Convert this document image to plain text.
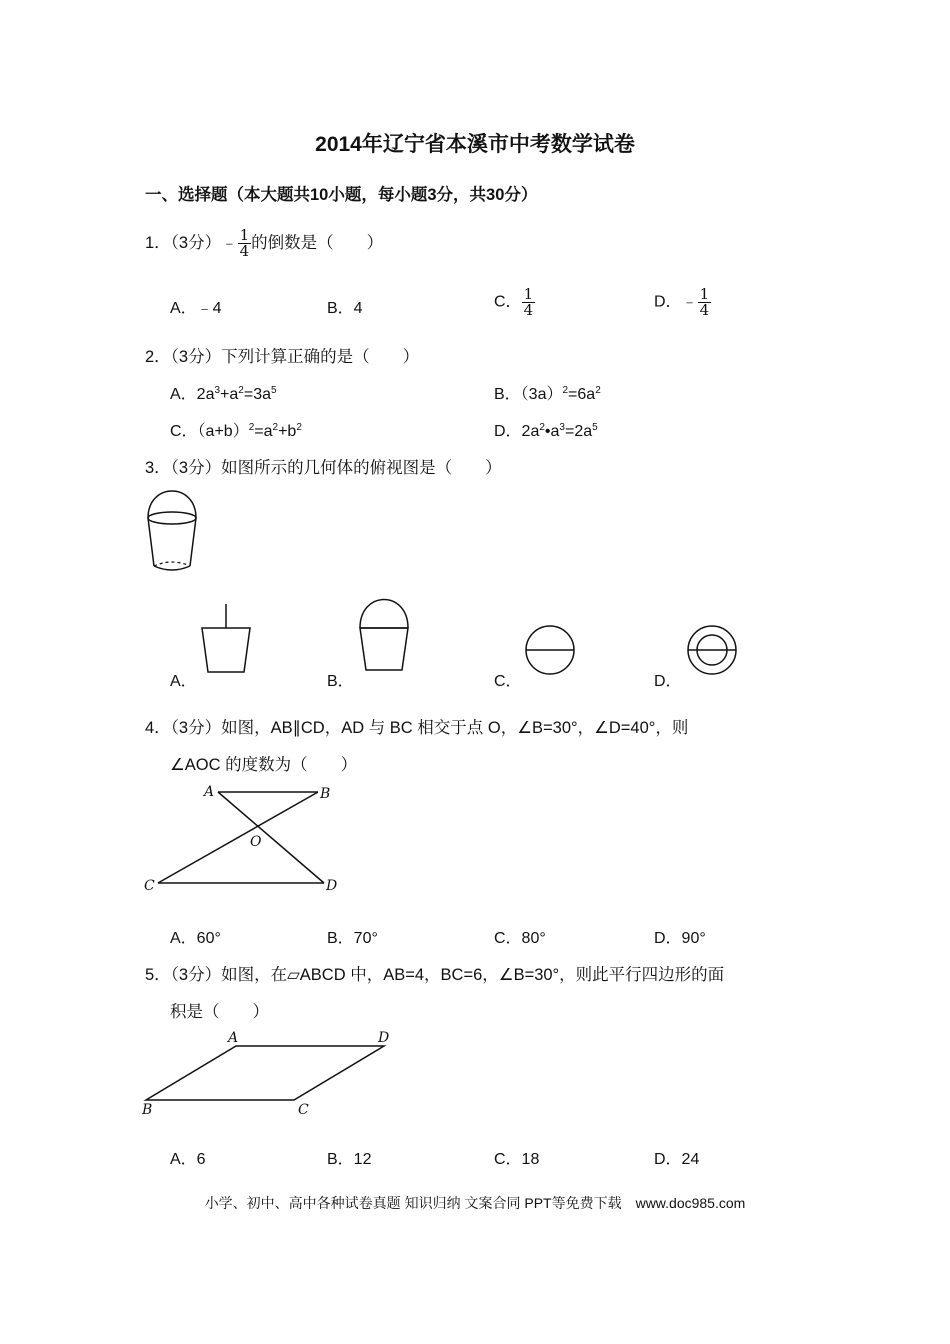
2014年辽宁省本溪市中考数学试卷
一、选择题（本大题共10小题，每小题3分，共30分）
1．（3分）﹣ $\frac{1}{4}$ 的倒数是（　　）
A．﹣4	B．4	C． $\frac{1}{4}$	D．﹣ $\frac{1}{4}$
2．（3分）下列计算正确的是（　　）
A．$2a^3+a^2=3a^5$	B．$(3a)^2=6a^2$
C．$(a+b)^2=a^2+b^2$	D．$2a^2•a^3=2a^5$
3．（3分）如图所示的几何体的俯视图是（　　）
A．	B．	C．	D．
4．（3分）如图，AB∥CD，AD 与 BC 相交于点 O，∠B=30°，∠D=40°，则
∠AOC 的度数为（　　）
A	B
C	D
O
A．60°	B．70°	C．80°	D．90°
5．（3分）如图，在▱ABCD 中，AB=4，BC=6，∠B=30°，则此平行四边形的面
积是（　　）
A	D
B	C
A．6	B．12	C．18	D．24
小学、初中、高中各种试卷真题 知识归纳 文案合同 PPT等免费下载　www.doc985.com
